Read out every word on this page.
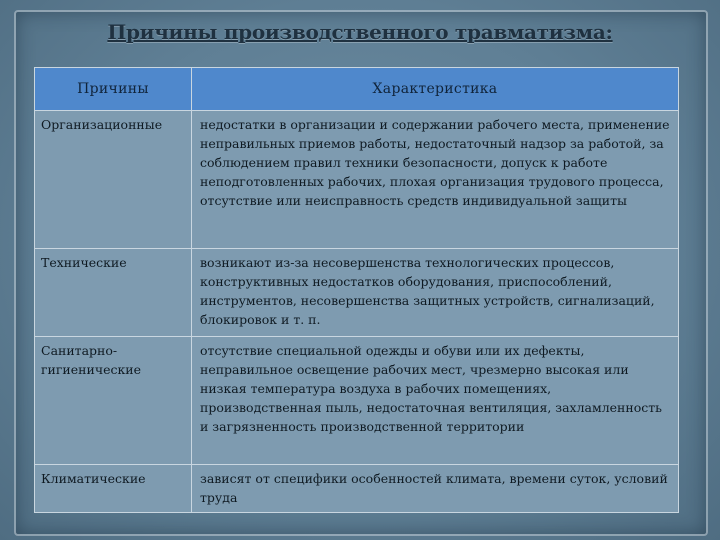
Причины производственного травматизма:
Причины	Характеристика
Организационные	недостатки в организации и содержании рабочего места, применение неправильных приемов работы, недостаточный надзор за работой, за соблюдением правил техники безопасности, допуск к работе неподготовленных рабочих, плохая организация трудового процесса, отсутствие или неисправность средств индивидуальной защиты
Технические	возникают из-за несовершенства технологических процессов, конструктивных недостатков оборудования, приспособлений, инструментов, несовершенства защитных устройств, сигнализаций, блокировок и т. п.
Санитарно-гигиенические	отсутствие специальной одежды и обуви или их дефекты, неправильное освещение рабочих мест, чрезмерно высокая или низкая температура воздуха в рабочих помещениях, производственная пыль, недостаточная вентиляция, захламленность и загрязненность производственной территории
Климатические	зависят от специфики особенностей климата, времени суток, условий труда
